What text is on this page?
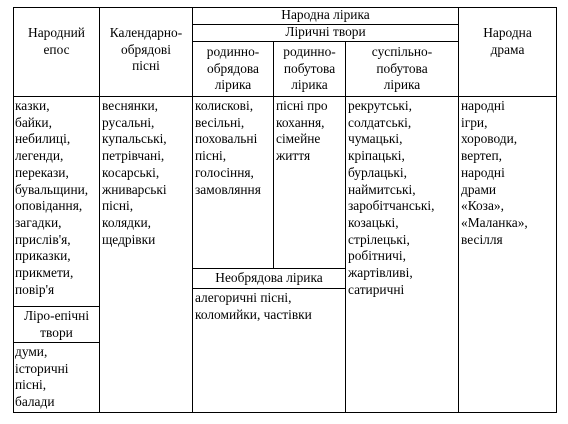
Народний
епос
Календарно-
обрядові
пісні
Народна лірика
Ліричні твори
родинно-
обрядова
лірика
родинно-
побутова
лірика
суспільно-
побутова
лірика
Народна
драма
казки,
байки,
небилиці,
легенди,
перекази,
бувальщини,
оповідання,
загадки,
прислів'я,
приказки,
прикмети,
повір'я
Ліро-епічні
твори
думи,
історичні
пісні,
балади
веснянки,
русальні,
купальські,
петрівчані,
косарські,
жниварські
пісні,
колядки,
щедрівки
колискові,
весільні,
поховальні
пісні,
голосіння,
замовляння
пісні про
кохання,
сімейне
життя
Необрядова лірика
алегоричні пісні,
коломийки, частівки
рекрутські,
солдатські,
чумацькі,
кріпацькі,
бурлацькі,
наймитські,
заробітчанські,
козацькі,
стрілецькі,
робітничі,
жартівливі,
сатиричні
народні
ігри,
хороводи,
вертеп,
народні
драми
«Коза»,
«Маланка»,
весілля
